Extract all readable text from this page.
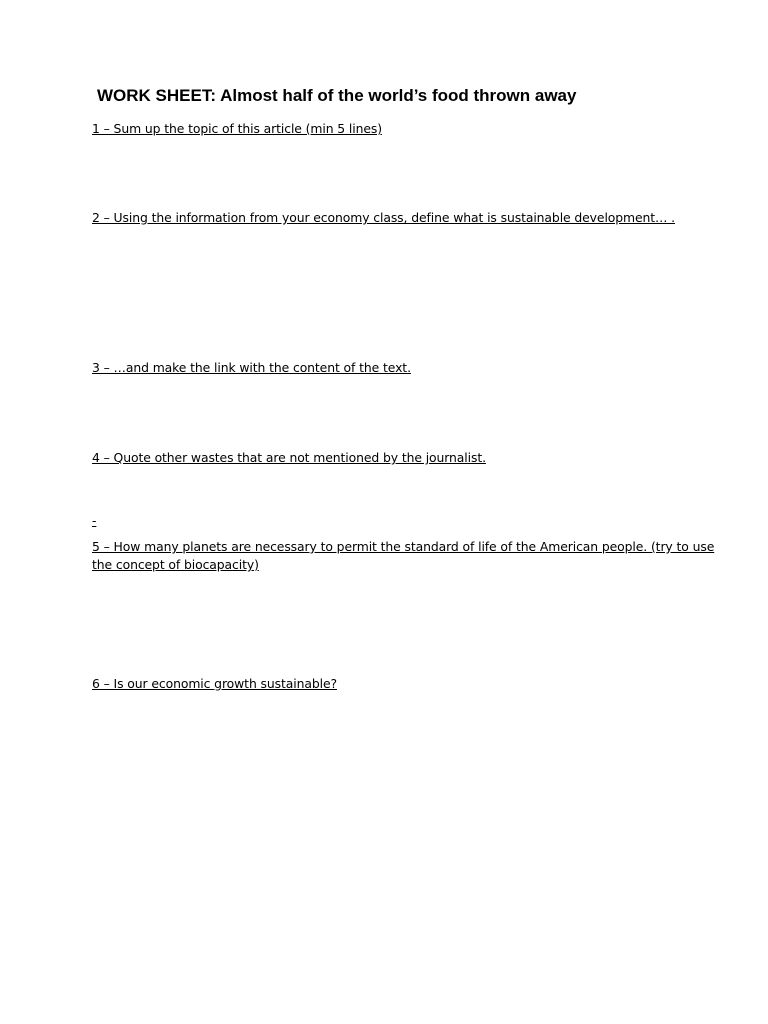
WORK SHEET: Almost half of the world’s food thrown away

1 – Sum up the topic of this article (min 5 lines)

2 – Using the information from your economy class, define what is sustainable development… .

3 – …and make the link with the content of the text.

4 – Quote other wastes that are not mentioned by the journalist.

-

5 – How many planets are necessary to permit the standard of life of the American people. (try to use the concept of biocapacity)

6 – Is our economic growth sustainable?
